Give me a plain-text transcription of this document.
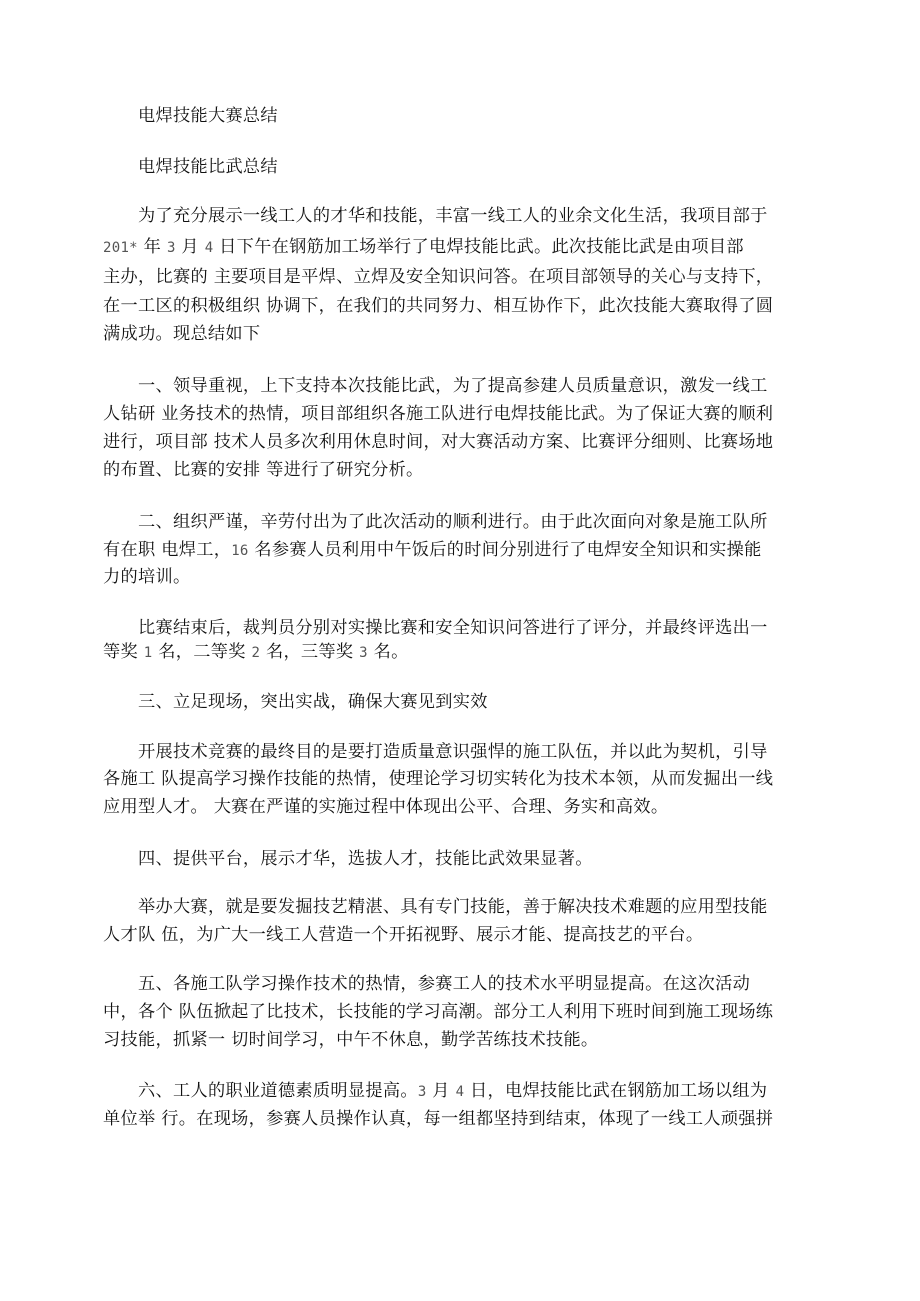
电焊技能大赛总结
电焊技能比武总结
为了充分展示一线工人的才华和技能，丰富一线工人的业余文化生活，我项目部于
201* 年 3 月 4 日下午在钢筋加工场举行了电焊技能比武。此次技能比武是由项目部
主办，比赛的 主要项目是平焊、立焊及安全知识问答。在项目部领导的关心与支持下，
在一工区的积极组织 协调下，在我们的共同努力、相互协作下，此次技能大赛取得了圆
满成功。现总结如下
一、领导重视，上下支持本次技能比武，为了提高参建人员质量意识，激发一线工
人钻研 业务技术的热情，项目部组织各施工队进行电焊技能比武。为了保证大赛的顺利
进行，项目部 技术人员多次利用休息时间，对大赛活动方案、比赛评分细则、比赛场地
的布置、比赛的安排 等进行了研究分析。
二、组织严谨，辛劳付出为了此次活动的顺利进行。由于此次面向对象是施工队所
有在职 电焊工，16 名参赛人员利用中午饭后的时间分别进行了电焊安全知识和实操能
力的培训。
比赛结束后，裁判员分别对实操比赛和安全知识问答进行了评分，并最终评选出一
等奖 1 名，二等奖 2 名，三等奖 3 名。
三、立足现场，突出实战，确保大赛见到实效
开展技术竞赛的最终目的是要打造质量意识强悍的施工队伍，并以此为契机，引导
各施工 队提高学习操作技能的热情，使理论学习切实转化为技术本领，从而发掘出一线
应用型人才。 大赛在严谨的实施过程中体现出公平、合理、务实和高效。
四、提供平台，展示才华，选拔人才，技能比武效果显著。
举办大赛，就是要发掘技艺精湛、具有专门技能，善于解决技术难题的应用型技能
人才队 伍，为广大一线工人营造一个开拓视野、展示才能、提高技艺的平台。
五、各施工队学习操作技术的热情，参赛工人的技术水平明显提高。在这次活动
中，各个 队伍掀起了比技术，长技能的学习高潮。部分工人利用下班时间到施工现场练
习技能，抓紧一 切时间学习，中午不休息，勤学苦练技术技能。
六、工人的职业道德素质明显提高。3 月 4 日，电焊技能比武在钢筋加工场以组为
单位举 行。在现场，参赛人员操作认真，每一组都坚持到结束，体现了一线工人顽强拼
